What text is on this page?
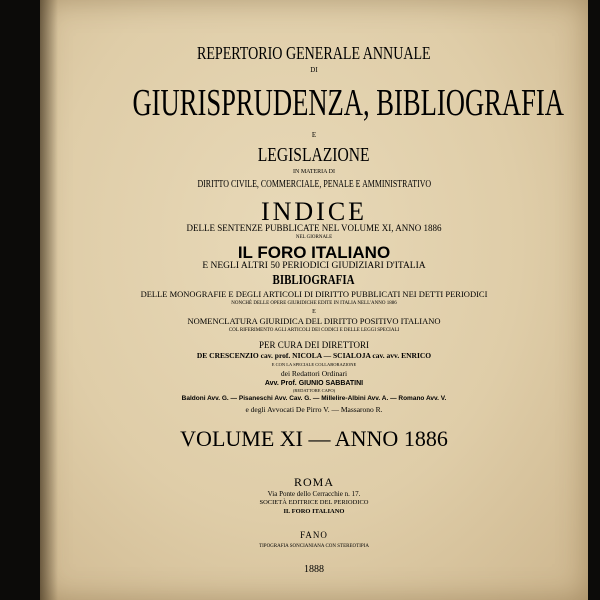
REPERTORIO GENERALE ANNUALE
DI
GIURISPRUDENZA, BIBLIOGRAFIA
E
LEGISLAZIONE
IN MATERIA DI
DIRITTO CIVILE, COMMERCIALE, PENALE E AMMINISTRATIVO
INDICE
DELLE SENTENZE PUBBLICATE NEL VOLUME XI, ANNO 1886
NEL GIORNALE
IL FORO ITALIANO
E NEGLI ALTRI 50 PERIODICI GIUDIZIARI D'ITALIA
BIBLIOGRAFIA
DELLE MONOGRAFIE E DEGLI ARTICOLI DI DIRITTO PUBBLICATI NEI DETTI PERIODICI
NONCHÈ DELLE OPERE GIURIDICHE EDITE IN ITALIA NELL'ANNO 1886
E
NOMENCLATURA GIURIDICA DEL DIRITTO POSITIVO ITALIANO
COL RIFERIMENTO AGLI ARTICOLI DEI CODICI E DELLE LEGGI SPECIALI
PER CURA DEI DIRETTORI
DE CRESCENZIO cav. prof. NICOLA — SCIALOJA cav. avv. ENRICO
E CON LA SPECIALE COLLABORAZIONE
dei Redattori Ordinari
Avv. Prof. GIUNIO SABBATINI
(REDATTORE CAPO)
Baldoni Avv. G. — Pisaneschi Avv. Cav. G. — Millelire-Albini Avv. A. — Romano Avv. V.
e degli Avvocati De Pirro V. — Massarono R.
VOLUME XI — ANNO 1886
ROMA
Via Ponte dello Cerracchie n. 17.
SOCIETÀ EDITRICE DEL PERIODICO
IL FORO ITALIANO
FANO
TIPOGRAFIA SONCIANIANA CON STEREOTIPIA
1888
